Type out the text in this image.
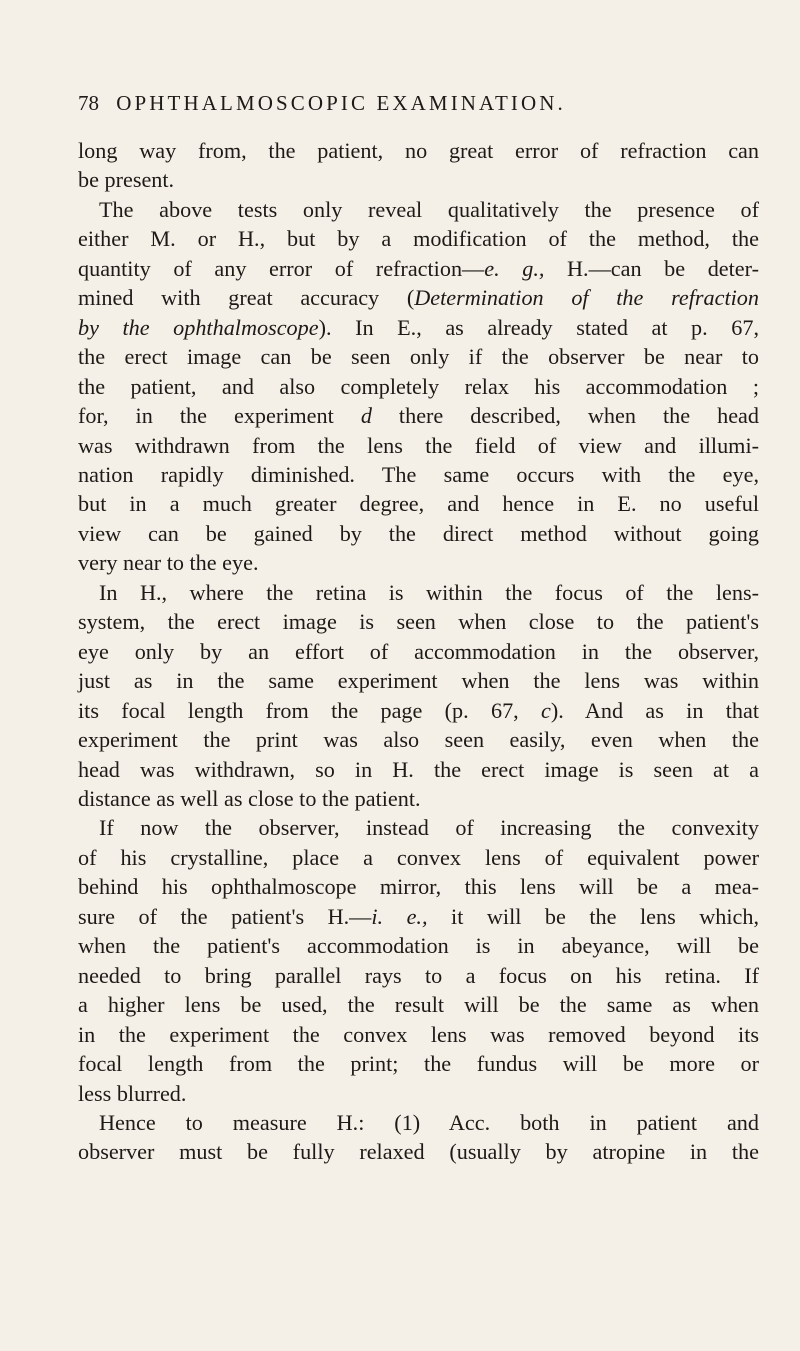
78 OPHTHALMOSCOPIC EXAMINATION.
long way from, the patient, no great error of refraction can
be present.
The above tests only reveal qualitatively the presence of
either M. or H., but by a modification of the method, the
quantity of any error of refraction—e. g., H.—can be deter-
mined with great accuracy (Determination of the refraction
by the ophthalmoscope). In E., as already stated at p. 67,
the erect image can be seen only if the observer be near to
the patient, and also completely relax his accommodation ;
for, in the experiment d there described, when the head
was withdrawn from the lens the field of view and illumi-
nation rapidly diminished. The same occurs with the eye,
but in a much greater degree, and hence in E. no useful
view can be gained by the direct method without going
very near to the eye.
In H., where the retina is within the focus of the lens-
system, the erect image is seen when close to the patient's
eye only by an effort of accommodation in the observer,
just as in the same experiment when the lens was within
its focal length from the page (p. 67, c). And as in that
experiment the print was also seen easily, even when the
head was withdrawn, so in H. the erect image is seen at a
distance as well as close to the patient.
If now the observer, instead of increasing the convexity
of his crystalline, place a convex lens of equivalent power
behind his ophthalmoscope mirror, this lens will be a mea-
sure of the patient's H.—i. e., it will be the lens which,
when the patient's accommodation is in abeyance, will be
needed to bring parallel rays to a focus on his retina. If
a higher lens be used, the result will be the same as when
in the experiment the convex lens was removed beyond its
focal length from the print; the fundus will be more or
less blurred.
Hence to measure H.: (1) Acc. both in patient and
observer must be fully relaxed (usually by atropine in the
